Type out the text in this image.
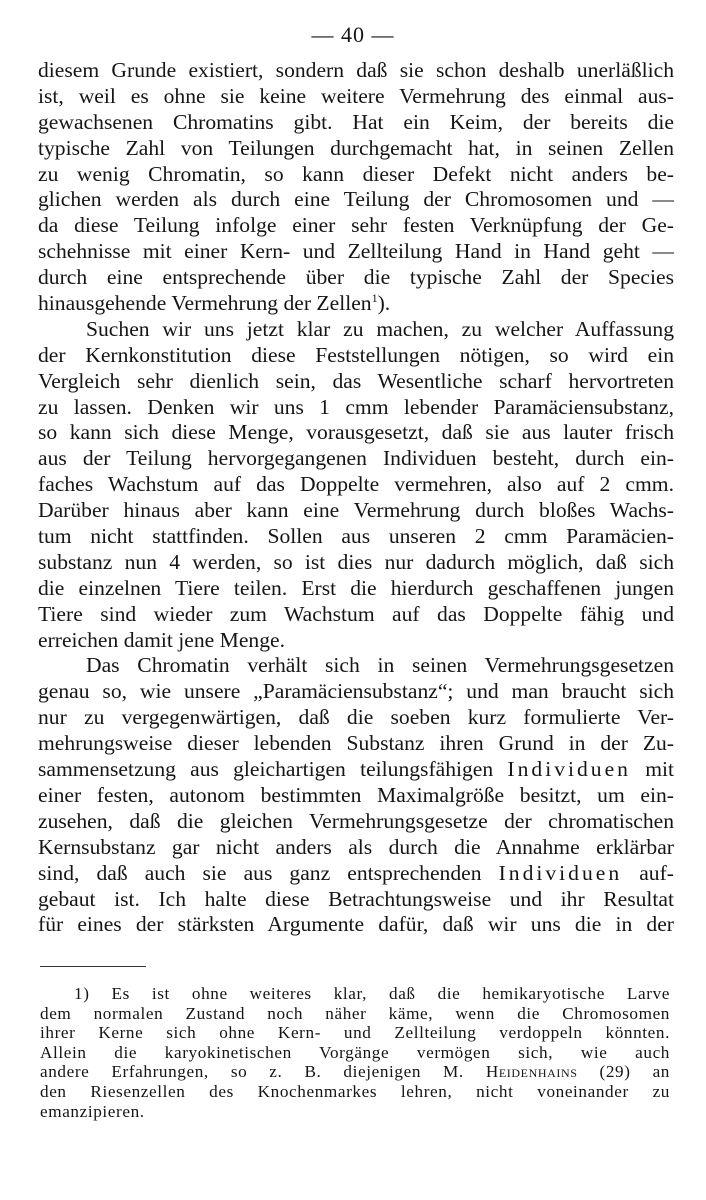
— 40 —
diesem Grunde existiert, sondern daß sie schon deshalb unerläßlich
ist, weil es ohne sie keine weitere Vermehrung des einmal aus-
gewachsenen Chromatins gibt. Hat ein Keim, der bereits die
typische Zahl von Teilungen durchgemacht hat, in seinen Zellen
zu wenig Chromatin, so kann dieser Defekt nicht anders be-
glichen werden als durch eine Teilung der Chromosomen und —
da diese Teilung infolge einer sehr festen Verknüpfung der Ge-
schehnisse mit einer Kern- und Zellteilung Hand in Hand geht —
durch eine entsprechende über die typische Zahl der Species
hinausgehende Vermehrung der Zellen$^1$).
Suchen wir uns jetzt klar zu machen, zu welcher Auffassung
der Kernkonstitution diese Feststellungen nötigen, so wird ein
Vergleich sehr dienlich sein, das Wesentliche scharf hervortreten
zu lassen. Denken wir uns 1 cmm lebender Paramäciensubstanz,
so kann sich diese Menge, vorausgesetzt, daß sie aus lauter frisch
aus der Teilung hervorgegangenen Individuen besteht, durch ein-
faches Wachstum auf das Doppelte vermehren, also auf 2 cmm.
Darüber hinaus aber kann eine Vermehrung durch bloßes Wachs-
tum nicht stattfinden. Sollen aus unseren 2 cmm Paramäcien-
substanz nun 4 werden, so ist dies nur dadurch möglich, daß sich
die einzelnen Tiere teilen. Erst die hierdurch geschaffenen jungen
Tiere sind wieder zum Wachstum auf das Doppelte fähig und
erreichen damit jene Menge.
Das Chromatin verhält sich in seinen Vermehrungsgesetzen
genau so, wie unsere „Paramäciensubstanz“; und man braucht sich
nur zu vergegenwärtigen, daß die soeben kurz formulierte Ver-
mehrungsweise dieser lebenden Substanz ihren Grund in der Zu-
sammensetzung aus gleichartigen teilungsfähigen Individuen mit
einer festen, autonom bestimmten Maximalgröße besitzt, um ein-
zusehen, daß die gleichen Vermehrungsgesetze der chromatischen
Kernsubstanz gar nicht anders als durch die Annahme erklärbar
sind, daß auch sie aus ganz entsprechenden Individuen auf-
gebaut ist. Ich halte diese Betrachtungsweise und ihr Resultat
für eines der stärksten Argumente dafür, daß wir uns die in der
1) Es ist ohne weiteres klar, daß die hemikaryotische Larve
dem normalen Zustand noch näher käme, wenn die Chromosomen
ihrer Kerne sich ohne Kern- und Zellteilung verdoppeln könnten.
Allein die karyokinetischen Vorgänge vermögen sich, wie auch
andere Erfahrungen, so z. B. diejenigen M. Heidenhains (29) an
den Riesenzellen des Knochenmarkes lehren, nicht voneinander zu
emanzipieren.
